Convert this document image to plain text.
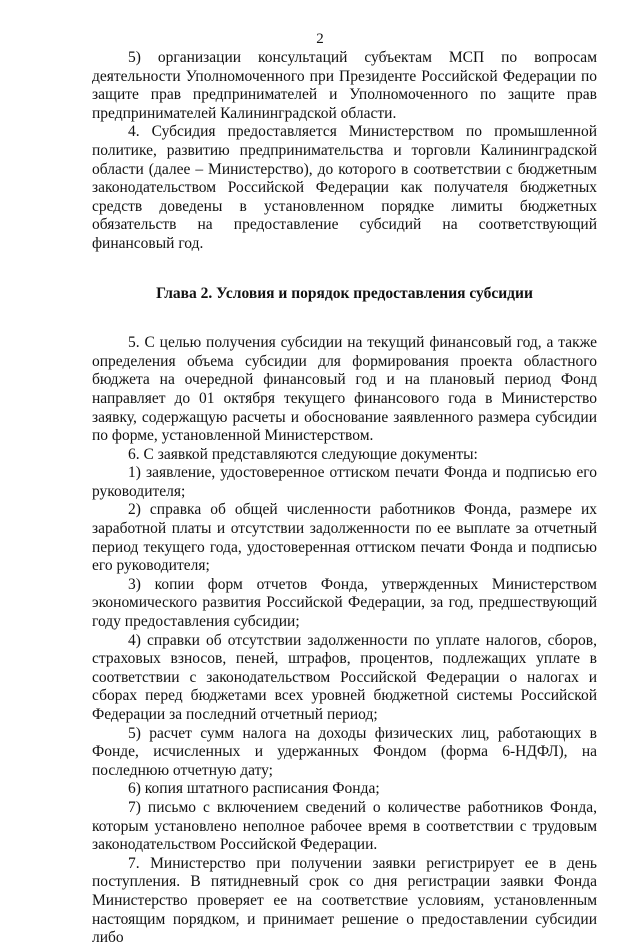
2

5) организации консультаций субъектам МСП по вопросам деятельности Уполномоченного при Президенте Российской Федерации по защите прав предпринимателей и Уполномоченного по защите прав предпринимателей Калининградской области.

4. Субсидия предоставляется Министерством по промышленной политике, развитию предпринимательства и торговли Калининградской области (далее – Министерство), до которого в соответствии с бюджетным законодательством Российской Федерации как получателя бюджетных средств доведены в установленном порядке лимиты бюджетных обязательств на предоставление субсидий на соответствующий финансовый год.

Глава 2. Условия и порядок предоставления субсидии

5. С целью получения субсидии на текущий финансовый год, а также определения объема субсидии для формирования проекта областного бюджета на очередной финансовый год и на плановый период Фонд направляет до 01 октября текущего финансового года в Министерство заявку, содержащую расчеты и обоснование заявленного размера субсидии по форме, установленной Министерством.

6. С заявкой представляются следующие документы:

1) заявление, удостоверенное оттиском печати Фонда и подписью его руководителя;

2) справка об общей численности работников Фонда, размере их заработной платы и отсутствии задолженности по ее выплате за отчетный период текущего года, удостоверенная оттиском печати Фонда и подписью его руководителя;

3) копии форм отчетов Фонда, утвержденных Министерством экономического развития Российской Федерации, за год, предшествующий году предоставления субсидии;

4) справки об отсутствии задолженности по уплате налогов, сборов, страховых взносов, пеней, штрафов, процентов, подлежащих уплате в соответствии с законодательством Российской Федерации о налогах и сборах перед бюджетами всех уровней бюджетной системы Российской Федерации за последний отчетный период;

5) расчет сумм налога на доходы физических лиц, работающих в Фонде, исчисленных и удержанных Фондом (форма 6-НДФЛ), на последнюю отчетную дату;

6) копия штатного расписания Фонда;

7) письмо с включением сведений о количестве работников Фонда, которым установлено неполное рабочее время в соответствии с трудовым законодательством Российской Федерации.

7. Министерство при получении заявки регистрирует ее в день поступления. В пятидневный срок со дня регистрации заявки Фонда Министерство проверяет ее на соответствие условиям, установленным настоящим порядком, и принимает решение о предоставлении субсидии либо
